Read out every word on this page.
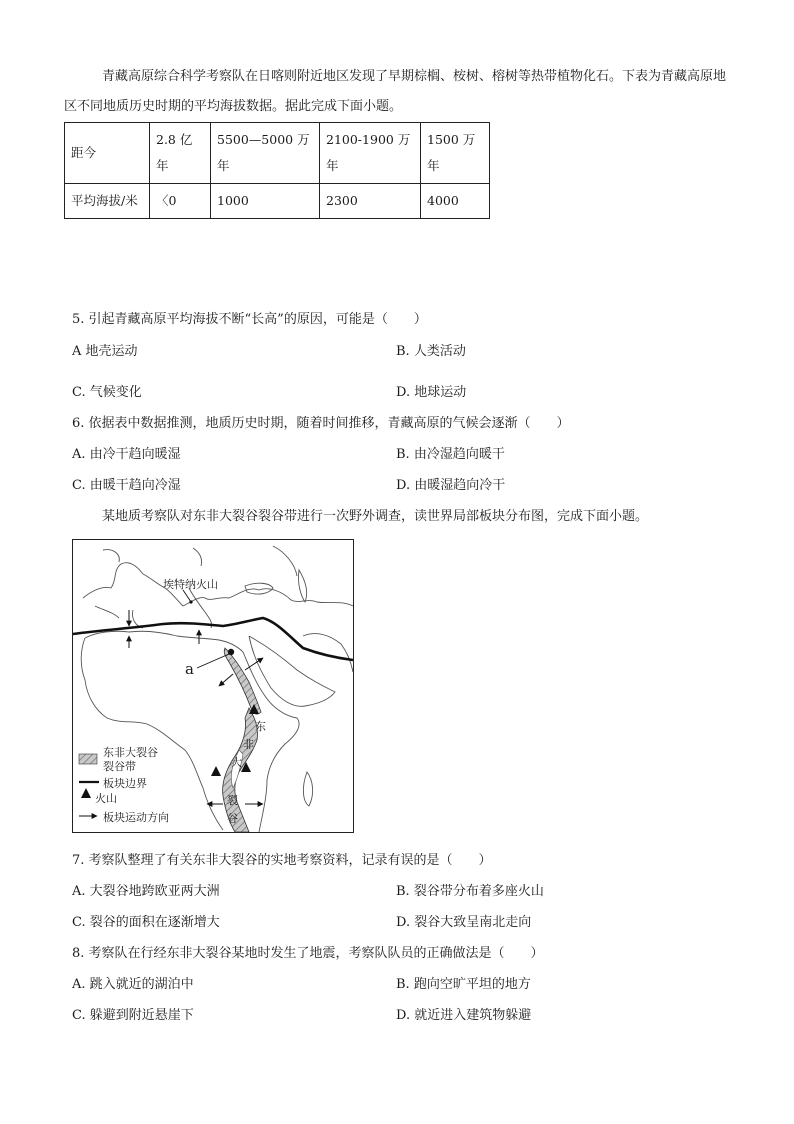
青藏高原综合科学考察队在日喀则附近地区发现了早期棕榈、桉树、榕树等热带植物化石。下表为青藏高原地区不同地质历史时期的平均海拔数据。据此完成下面小题。
距今	2.8 亿年	5500—5000 万年	2100-1900 万年	1500 万年
平均海拔/米	〈0	1000	2300	4000
5. 引起青藏高原平均海拔不断“长高”的原因，可能是（　　）
A 地壳运动	B. 人类活动
C. 气候变化	D. 地球运动
6. 依据表中数据推测，地质历史时期，随着时间推移，青藏高原的气候会逐渐（　　）
A. 由冷干趋向暖湿	B. 由冷湿趋向暖干
C. 由暖干趋向冷湿	D. 由暖湿趋向冷干
某地质考察队对东非大裂谷裂谷带进行一次野外调查，读世界局部板块分布图，完成下面小题。
埃特纳火山
a
东
非
大
裂
谷
东非大裂谷裂谷带
板块边界
火山
板块运动方向
7. 考察队整理了有关东非大裂谷的实地考察资料，记录有误的是（　　）
A. 大裂谷地跨欧亚两大洲	B. 裂谷带分布着多座火山
C. 裂谷的面积在逐渐增大	D. 裂谷大致呈南北走向
8. 考察队在行经东非大裂谷某地时发生了地震，考察队队员的正确做法是（　　）
A. 跳入就近的湖泊中	B. 跑向空旷平坦的地方
C. 躲避到附近悬崖下	D. 就近进入建筑物躲避
